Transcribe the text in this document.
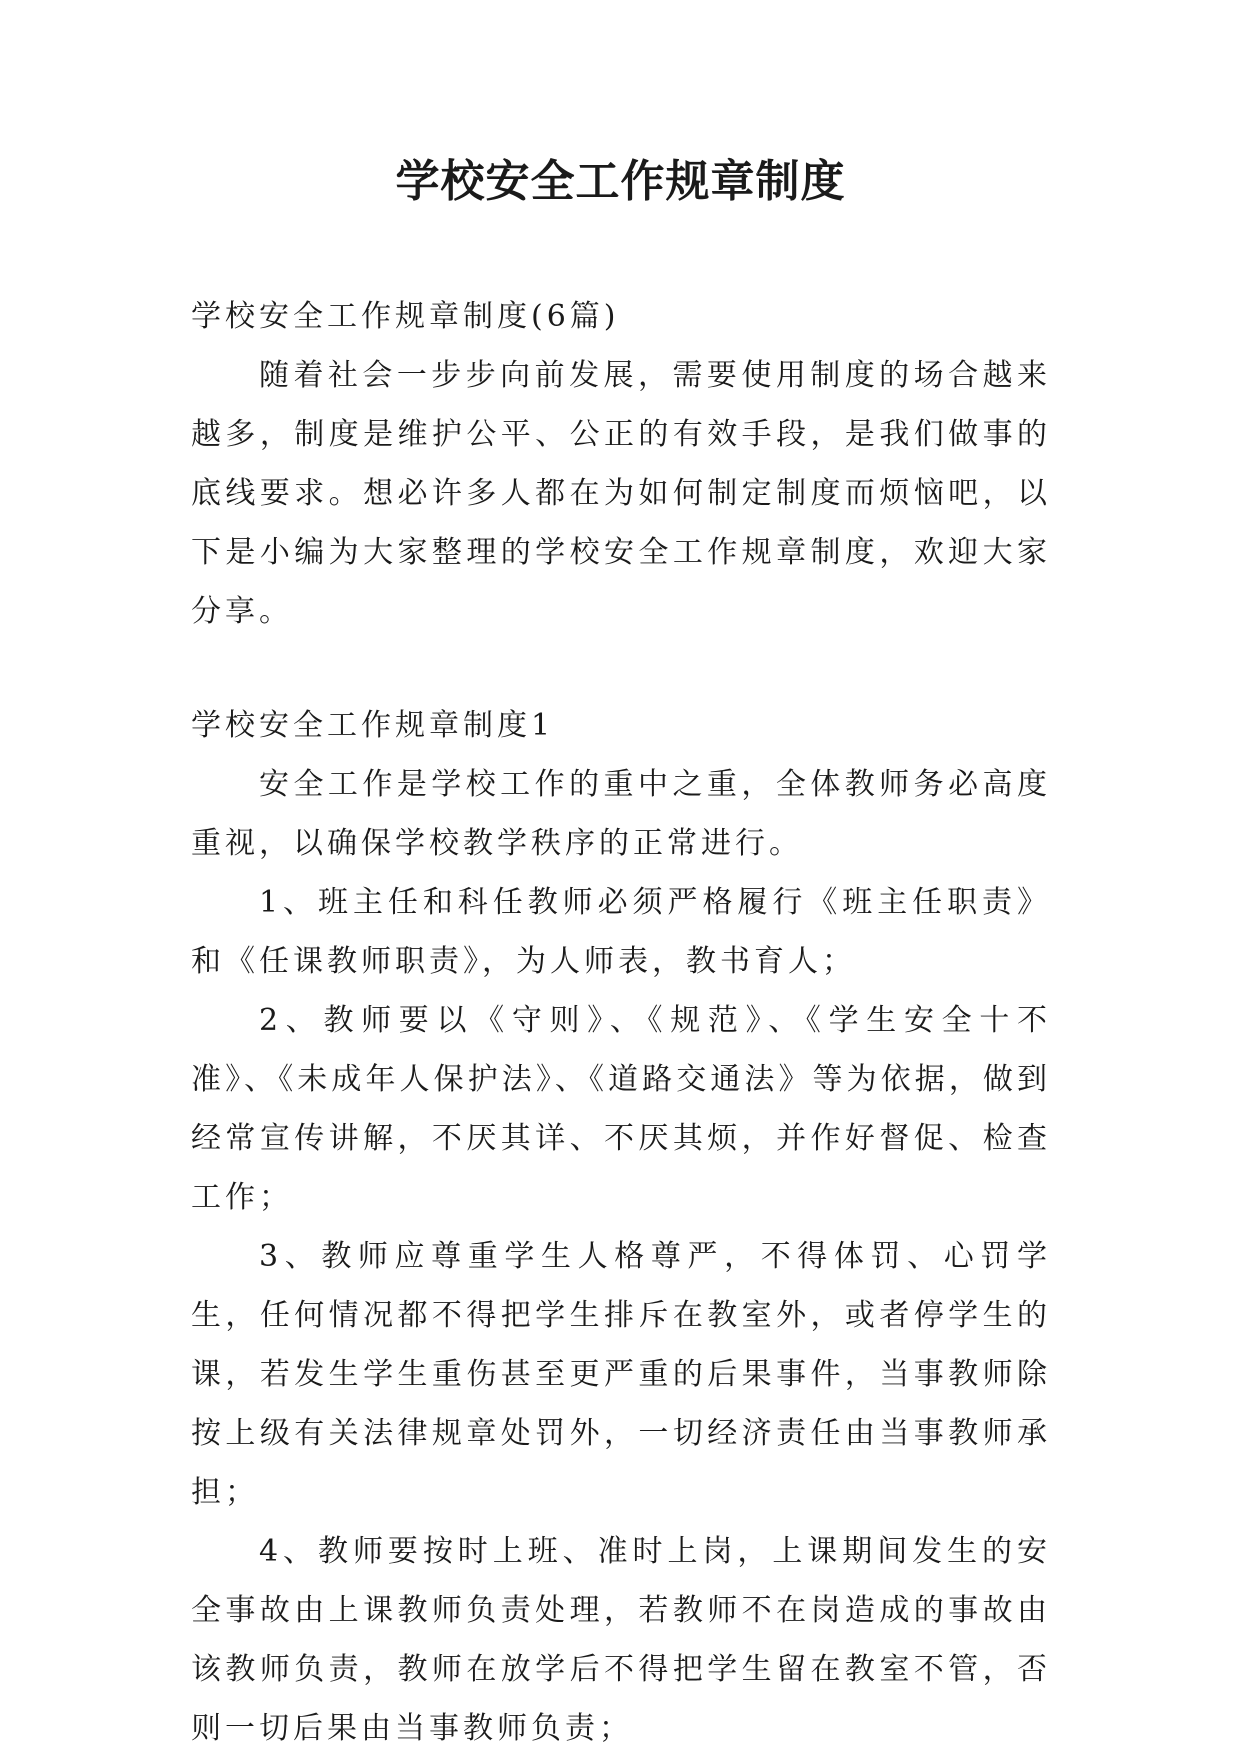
学校安全工作规章制度

学校安全工作规章制度(6篇)

随着社会一步步向前发展，需要使用制度的场合越来越多，制度是维护公平、公正的有效手段，是我们做事的底线要求。想必许多人都在为如何制定制度而烦恼吧，以下是小编为大家整理的学校安全工作规章制度，欢迎大家分享。

学校安全工作规章制度1

安全工作是学校工作的重中之重，全体教师务必高度重视，以确保学校教学秩序的正常进行。

1、班主任和科任教师必须严格履行《班主任职责》和《任课教师职责》，为人师表，教书育人；

2、教师要以《守则》、《规范》、《学生安全十不准》、《未成年人保护法》、《道路交通法》等为依据，做到经常宣传讲解，不厌其详、不厌其烦，并作好督促、检查工作；

3、教师应尊重学生人格尊严，不得体罚、心罚学生，任何情况都不得把学生排斥在教室外，或者停学生的课，若发生学生重伤甚至更严重的后果事件，当事教师除按上级有关法律规章处罚外，一切经济责任由当事教师承担；

4、教师要按时上班、准时上岗，上课期间发生的安全事故由上课教师负责处理，若教师不在岗造成的事故由该教师负责，教师在放学后不得把学生留在教室不管，否则一切后果由当事教师负责；
